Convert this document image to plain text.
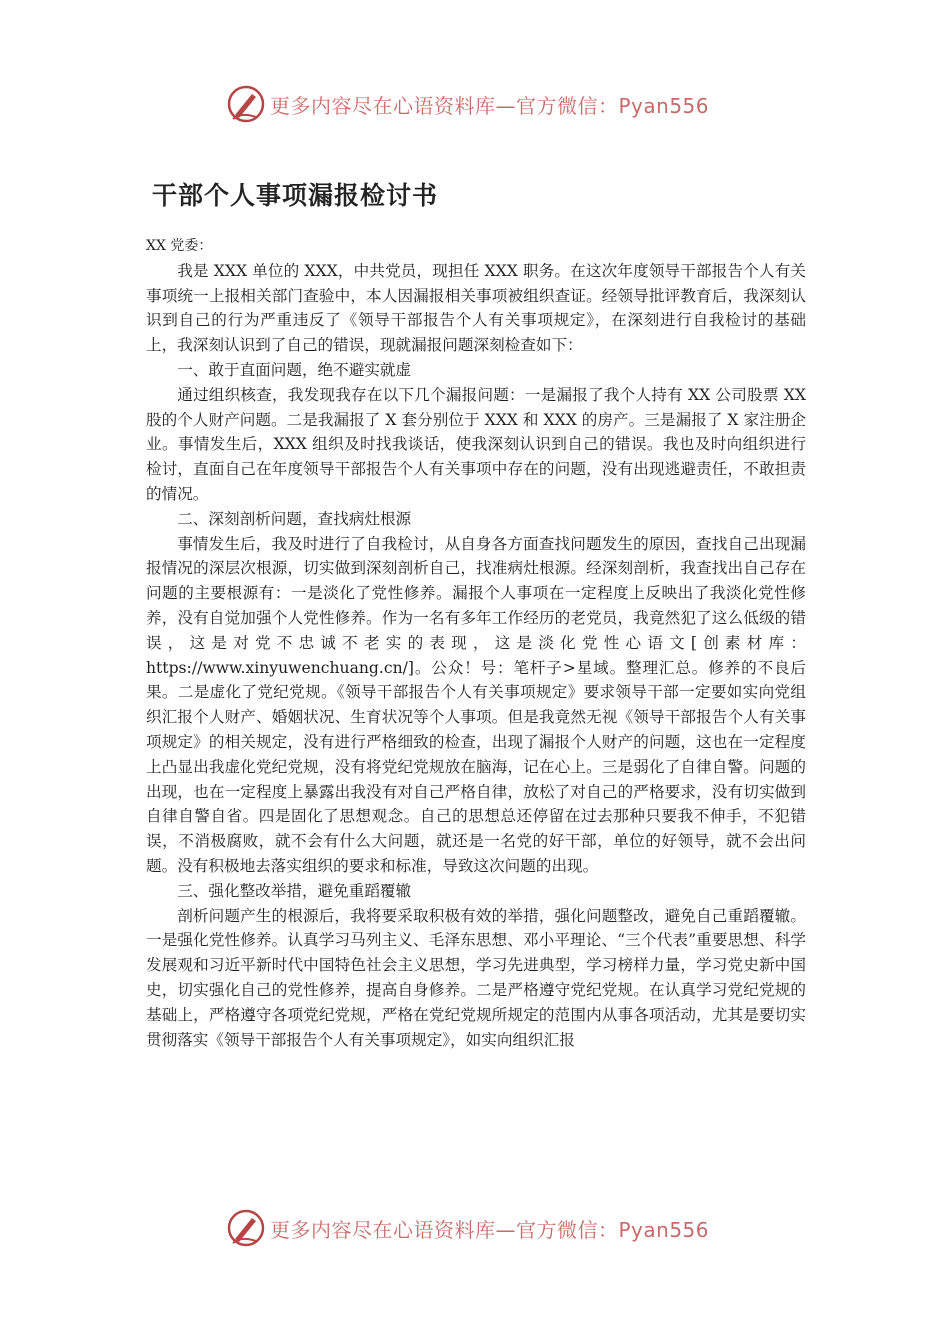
更多内容尽在心语资料库—官方微信：Pyan556
干部个人事项漏报检讨书

XX 党委：

我是 XXX 单位的 XXX，中共党员，现担任 XXX 职务。在这次年度领导干部报告个人有关事项统一上报相关部门查验中，本人因漏报相关事项被组织查证。经领导批评教育后，我深刻认识到自己的行为严重违反了《领导干部报告个人有关事项规定》，在深刻进行自我检讨的基础上，我深刻认识到了自己的错误，现就漏报问题深刻检查如下：

一、敢于直面问题，绝不避实就虚

通过组织核查，我发现我存在以下几个漏报问题：一是漏报了我个人持有 XX 公司股票 XX 股的个人财产问题。二是我漏报了 X 套分别位于 XXX 和 XXX 的房产。三是漏报了 X 家注册企业。事情发生后，XXX 组织及时找我谈话，使我深刻认识到自己的错误。我也及时向组织进行检讨，直面自己在年度领导干部报告个人有关事项中存在的问题，没有出现逃避责任，不敢担责的情况。

二、深刻剖析问题，查找病灶根源

事情发生后，我及时进行了自我检讨，从自身各方面查找问题发生的原因，查找自己出现漏报情况的深层次根源，切实做到深刻剖析自己，找准病灶根源。经深刻剖析，我查找出自己存在问题的主要根源有：一是淡化了党性修养。漏报个人事项在一定程度上反映出了我淡化党性修养，没有自觉加强个人党性修养。作为一名有多年工作经历的老党员，我竟然犯了这么低级的错误，这是对党不忠诚不老实的表现，这是淡化党性心语文[创素材库：https://www.xinyuwenchuang.cn/]。公众！号：笔杆子>星域。整理汇总。修养的不良后果。二是虚化了党纪党规。《领导干部报告个人有关事项规定》要求领导干部一定要如实向党组织汇报个人财产、婚姻状况、生育状况等个人事项。但是我竟然无视《领导干部报告个人有关事项规定》的相关规定，没有进行严格细致的检查，出现了漏报个人财产的问题，这也在一定程度上凸显出我虚化党纪党规，没有将党纪党规放在脑海，记在心上。三是弱化了自律自警。问题的出现，也在一定程度上暴露出我没有对自己严格自律，放松了对自己的严格要求，没有切实做到自律自警自省。四是固化了思想观念。自己的思想总还停留在过去那种只要我不伸手，不犯错误，不消极腐败，就不会有什么大问题，就还是一名党的好干部，单位的好领导，就不会出问题。没有积极地去落实组织的要求和标准，导致这次问题的出现。

三、强化整改举措，避免重蹈覆辙

剖析问题产生的根源后，我将要采取积极有效的举措，强化问题整改，避免自己重蹈覆辙。一是强化党性修养。认真学习马列主义、毛泽东思想、邓小平理论、“三个代表”重要思想、科学发展观和习近平新时代中国特色社会主义思想，学习先进典型，学习榜样力量，学习党史新中国史，切实强化自己的党性修养，提高自身修养。二是严格遵守党纪党规。在认真学习党纪党规的基础上，严格遵守各项党纪党规，严格在党纪党规所规定的范围内从事各项活动，尤其是要切实贯彻落实《领导干部报告个人有关事项规定》，如实向组织汇报

更多内容尽在心语资料库—官方微信：Pyan556
